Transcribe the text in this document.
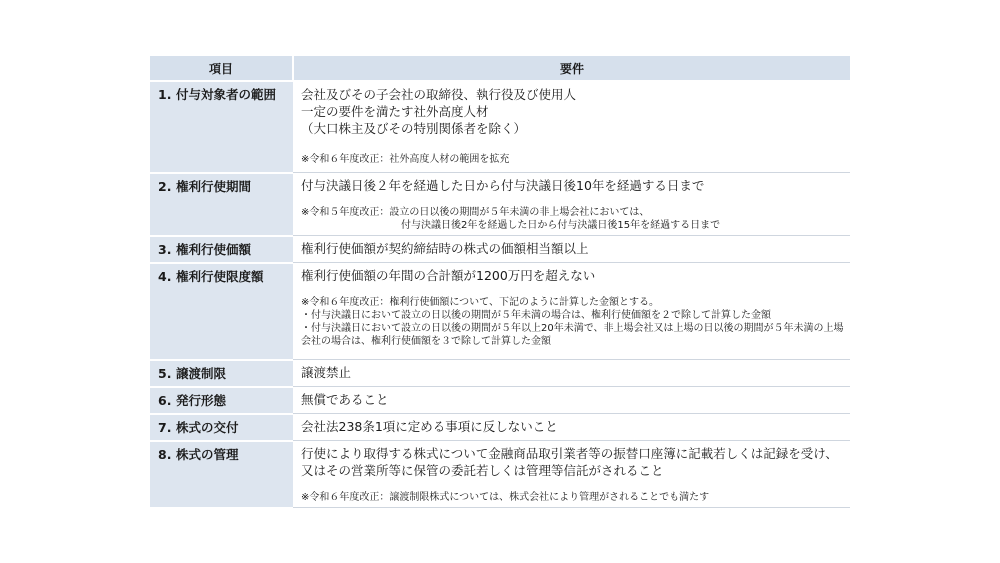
項目	要件
1. 付与対象者の範囲	会社及びその子会社の取締役、執行役及び使用人
一定の要件を満たす社外高度人材
（大口株主及びその特別関係者を除く）
※令和６年度改正：社外高度人材の範囲を拡充

2. 権利行使期間	付与決議日後２年を経過した日から付与決議日後10年を経過する日まで
※令和５年度改正：設立の日以後の期間が５年未満の非上場会社においては、
　　　　　　　　　　付与決議日後2年を経過した日から付与決議日後15年を経過する日まで

3. 権利行使価額	権利行使価額が契約締結時の株式の価額相当額以上

4. 権利行使限度額	権利行使価額の年間の合計額が1200万円を超えない
※令和６年度改正：権利行使価額について、下記のように計算した金額とする。
・付与決議日において設立の日以後の期間が５年未満の場合は、権利行使価額を２で除して計算した金額
・付与決議日において設立の日以後の期間が５年以上20年未満で、非上場会社又は上場の日以後の期間が５年未満の上場会社の場合は、権利行使価額を３で除して計算した金額

5. 譲渡制限	譲渡禁止

6. 発行形態	無償であること

7. 株式の交付	会社法238条1項に定める事項に反しないこと

8. 株式の管理	行使により取得する株式について金融商品取引業者等の振替口座簿に記載若しくは記録を受け、又はその営業所等に保管の委託若しくは管理等信託がされること
※令和６年度改正：譲渡制限株式については、株式会社により管理がされることでも満たす
